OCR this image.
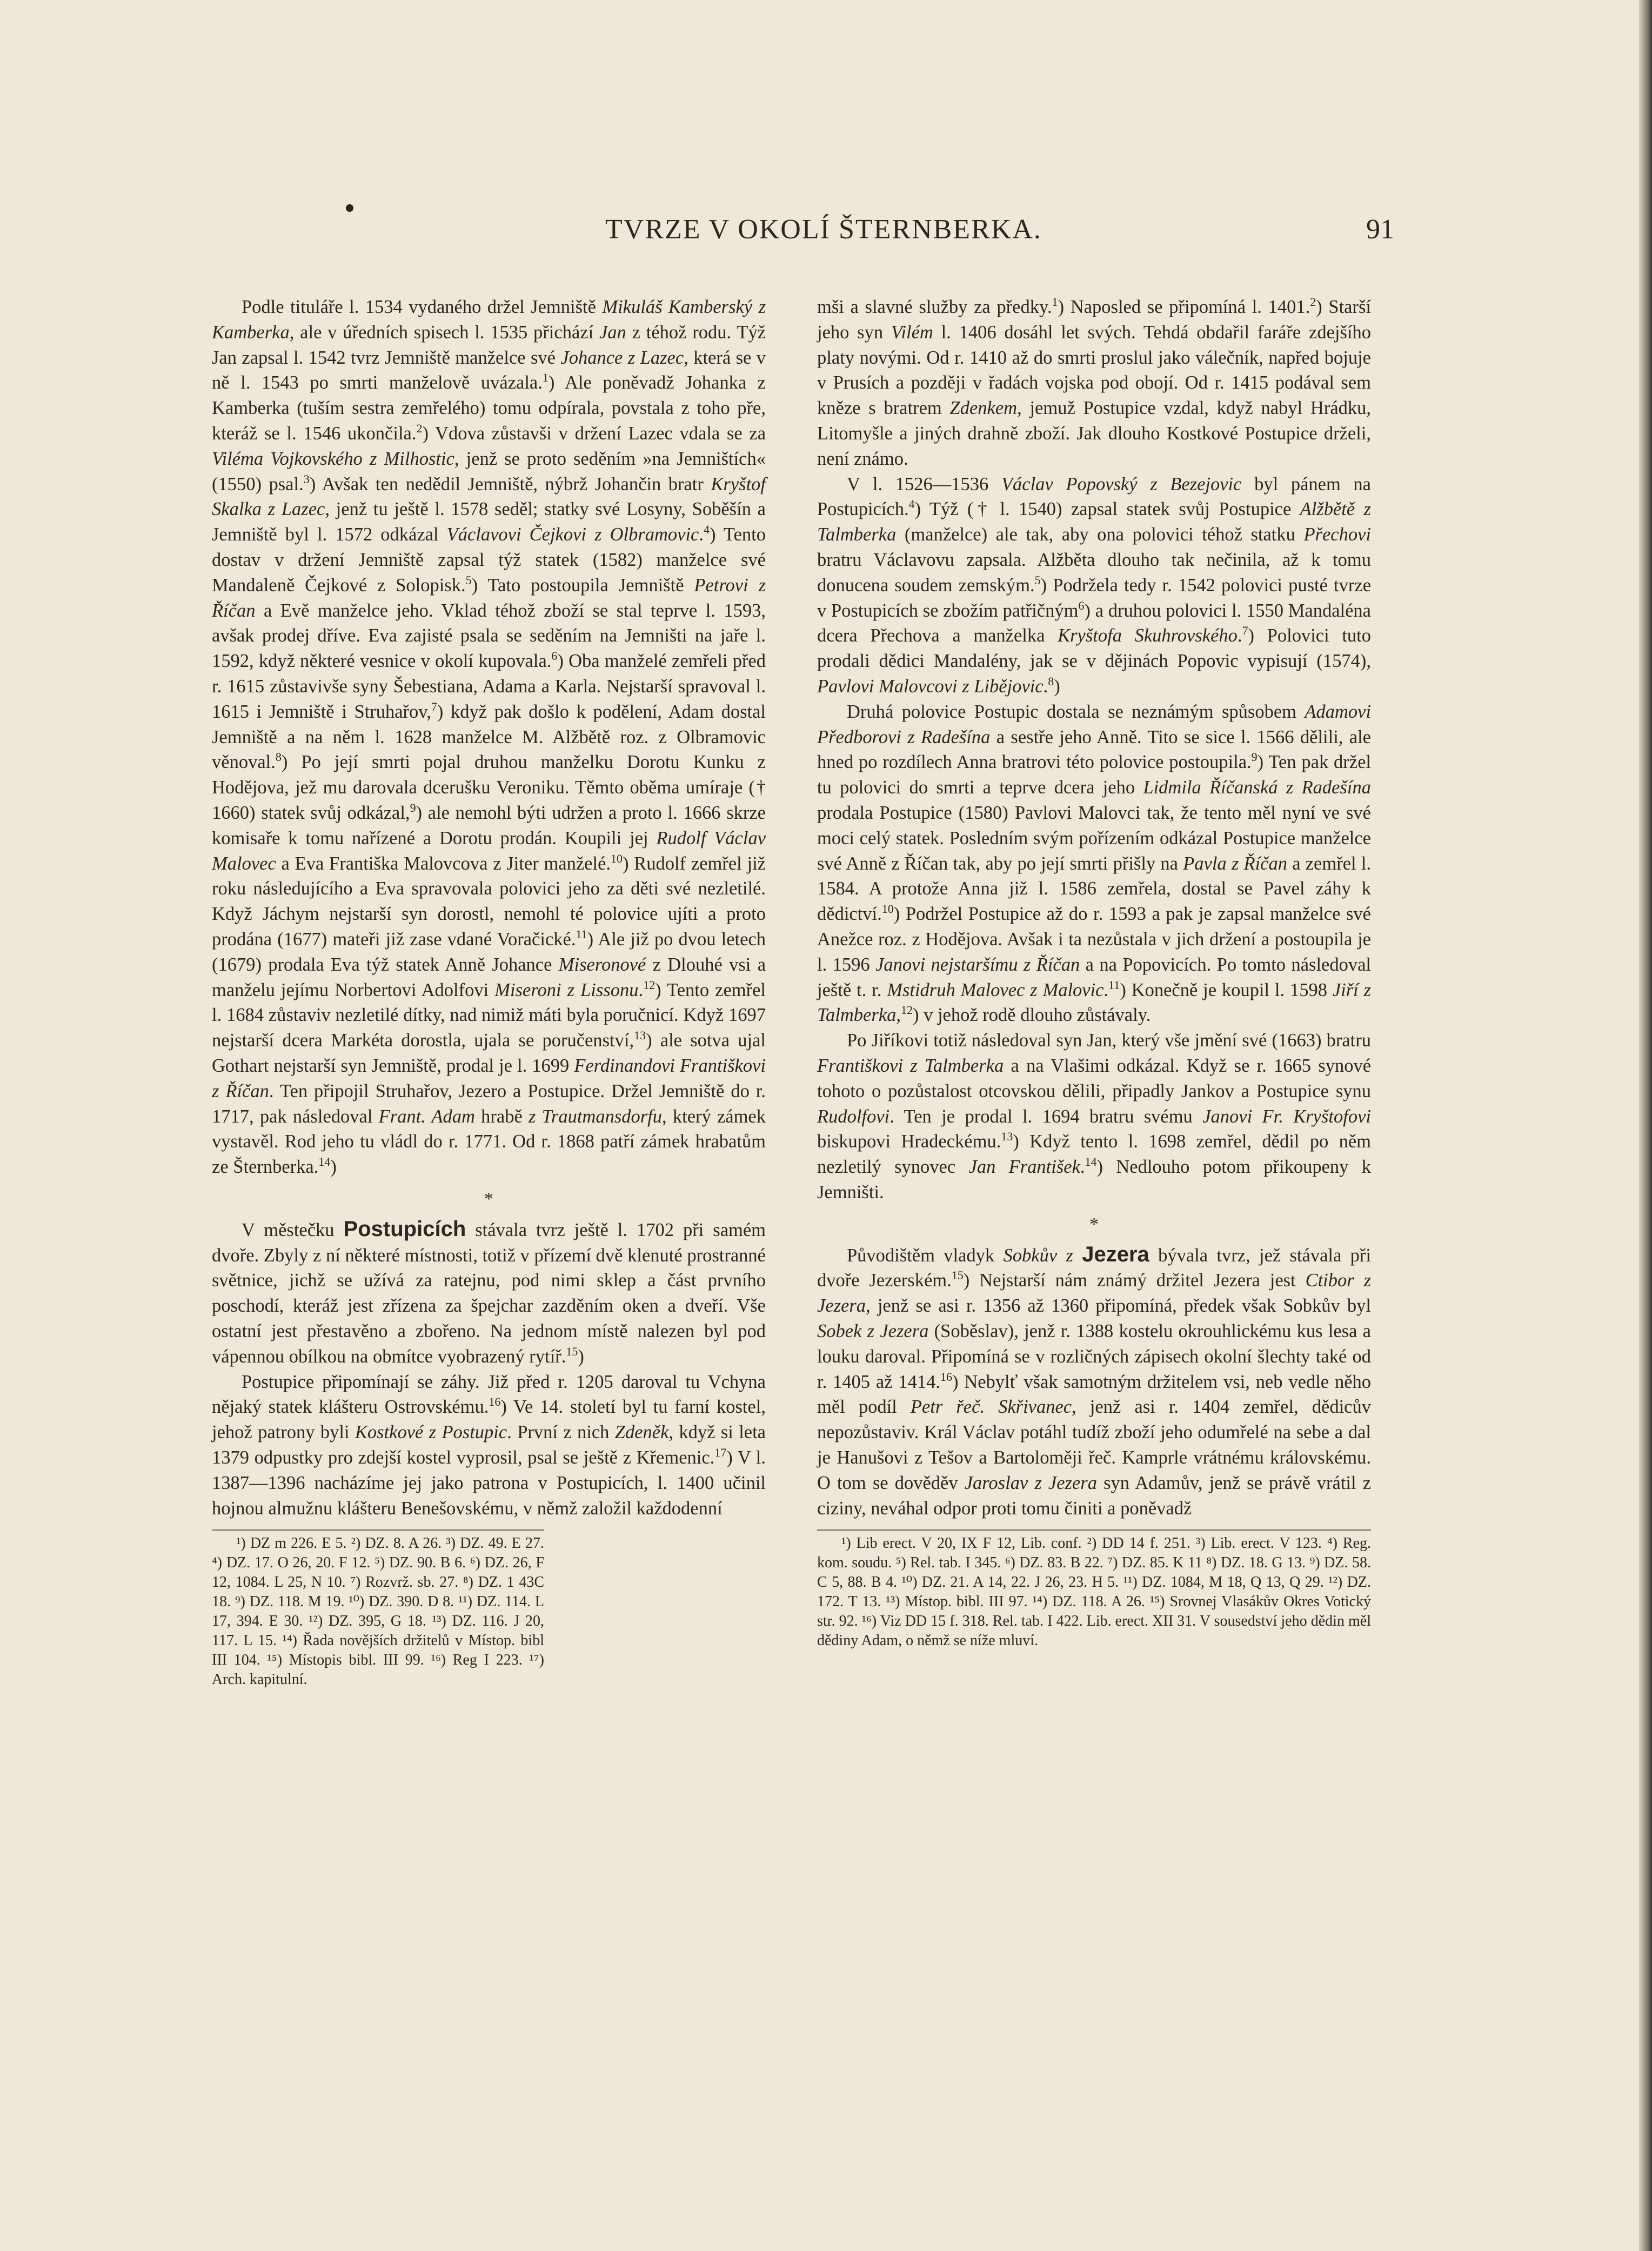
TVRZE V OKOLÍ ŠTERNBERKA.	91

Podle tituláře l. 1534 vydaného držel Jemniště Mikuláš Kamberský z Kamberka, ale v úředních spisech l. 1535 přichází Jan z téhož rodu. Týž Jan zapsal l. 1542 tvrz Jemniště manželce své Johance z Lazec, která se v ně l. 1543 po smrti manželově uvázala.$^1$) Ale poněvadž Johanka z Kamberka (tuším sestra zemřelého) tomu odpírala, povstala z toho pře, kteráž se l. 1546 ukončila.$^2$) Vdova zůstavši v držení Lazec vdala se za Viléma Vojkovského z Milhostic, jenž se proto seděním »na Jemništích« (1550) psal.$^3$) Avšak ten nedědil Jemniště, nýbrž Johančin bratr Kryštof Skalka z Lazec, jenž tu ještě l. 1578 seděl; statky své Losyny, Soběšín a Jemniště byl l. 1572 odkázal Václavovi Čejkovi z Olbramovic.$^4$) Tento dostav v držení Jemniště zapsal týž statek (1582) manželce své Mandaleně Čejkové z Solopisk.$^5$) Tato postoupila Jemniště Petrovi z Říčan a Evě manželce jeho. Vklad téhož zboží se stal teprve l. 1593, avšak prodej dříve. Eva zajisté psala se seděním na Jemništi na jaře l. 1592, když některé vesnice v okolí kupovala.$^6$) Oba manželé zemřeli před r. 1615 zůstavivše syny Šebestiana, Adama a Karla. Nejstarší spravoval l. 1615 i Jemniště i Struhařov,$^7$) když pak došlo k podělení, Adam dostal Jemniště a na něm l. 1628 manželce M. Alžbětě roz. z Olbramovic věnoval.$^8$) Po její smrti pojal druhou manželku Dorotu Kunku z Hodějova, jež mu darovala dcerušku Veroniku. Těmto oběma umíraje († 1660) statek svůj odkázal,$^9$) ale nemohl býti udržen a proto l. 1666 skrze komisaře k tomu nařízené a Dorotu prodán. Koupili jej Rudolf Václav Malovec a Eva Františka Malovcova z Jiter manželé.$^{10}$) Rudolf zemřel již roku následujícího a Eva spravovala polovici jeho za děti své nezletilé. Když Jáchym nejstarší syn dorostl, nemohl té polovice ujíti a proto prodána (1677) mateři již zase vdané Voračické.$^{11}$) Ale již po dvou letech (1679) prodala Eva týž statek Anně Johance Miseronové z Dlouhé vsi a manželu jejímu Norbertovi Adolfovi Miseroni z Lissonu.$^{12}$) Tento zemřel l. 1684 zůstaviv nezletilé dítky, nad nimiž máti byla poručnicí. Když 1697 nejstarší dcera Markéta dorostla, ujala se poručenství,$^{13}$) ale sotva ujal Gothart nejstarší syn Jemniště, prodal je l. 1699 Ferdinandovi Františkovi z Říčan. Ten připojil Struhařov, Jezero a Postupice. Držel Jemniště do r. 1717, pak následoval Frant. Adam hrabě z Trautmansdorfu, který zámek vystavěl. Rod jeho tu vládl do r. 1771. Od r. 1868 patří zámek hrabatům ze Šternberka.$^{14}$)

*

V městečku Postupicích stávala tvrz ještě l. 1702 při samém dvoře. Zbyly z ní některé místnosti, totiž v přízemí dvě klenuté prostranné světnice, jichž se užívá za ratejnu, pod nimi sklep a část prvního poschodí, kteráž jest zřízena za špejchar zazděním oken a dveří. Vše ostatní jest přestavěno a zbořeno. Na jednom místě nalezen byl pod vápennou obílkou na obmítce vyobrazený rytíř.$^{15}$)

Postupice připomínají se záhy. Již před r. 1205 daroval tu Vchyna nějaký statek klášteru Ostrovskému.$^{16}$) Ve 14. století byl tu farní kostel, jehož patrony byli Kostkové z Postupic. První z nich Zdeněk, když si leta 1379 odpustky pro zdejší kostel vyprosil, psal se ještě z Křemenic.$^{17}$) V l. 1387—1396 nacházíme jej jako patrona v Postupicích, l. 1400 učinil hojnou almužnu klášteru Benešovskému, v němž založil každodenní

¹) DZ m 226. E 5. ²) DZ. 8. A 26. ³) DZ. 49. E 27. ⁴) DZ. 17. O 26, 20. F 12. ⁵) DZ. 90. B 6. ⁶) DZ. 26, F 12, 1084. L 25, N 10. ⁷) Rozvrž. sb. 27. ⁸) DZ. 1 43C 18. ⁹) DZ. 118. M 19. ¹⁰) DZ. 390. D 8. ¹¹) DZ. 114. L 17, 394. E 30. ¹²) DZ. 395, G 18. ¹³) DZ. 116. J 20, 117. L 15. ¹⁴) Řada novějších držitelů v Místop. bibl III 104. ¹⁵) Místopis bibl. III 99. ¹⁶) Reg I 223. ¹⁷) Arch. kapitulní.

mši a slavné služby za předky.$^1$) Naposled se připomíná l. 1401.$^2$) Starší jeho syn Vilém l. 1406 dosáhl let svých. Tehdá obdařil faráře zdejšího platy novými. Od r. 1410 až do smrti proslul jako válečník, napřed bojuje v Prusích a později v řadách vojska pod obojí. Od r. 1415 podával sem kněze s bratrem Zdenkem, jemuž Postupice vzdal, když nabyl Hrádku, Litomyšle a jiných drahně zboží. Jak dlouho Kostkové Postupice drželi, není známo.

V l. 1526—1536 Václav Popovský z Bezejovic byl pánem na Postupicích.$^4$) Týž († l. 1540) zapsal statek svůj Postupice Alžbětě z Talmberka (manželce) ale tak, aby ona polovici téhož statku Přechovi bratru Václavovu zapsala. Alžběta dlouho tak nečinila, až k tomu donucena soudem zemským.$^5$) Podržela tedy r. 1542 polovici pusté tvrze v Postupicích se zbožím patřičným$^6$) a druhou polovici l. 1550 Mandaléna dcera Přechova a manželka Kryštofa Skuhrovského.$^7$) Polovici tuto prodali dědici Mandalény, jak se v dějinách Popovic vypisují (1574), Pavlovi Malovcovi z Liběјovic.$^8$)

Druhá polovice Postupic dostala se neznámým spůsobem Adamovi Předborovi z Radešína a sestře jeho Anně. Tito se sice l. 1566 dělili, ale hned po rozdílech Anna bratrovi této polovice postoupila.$^9$) Ten pak držel tu polovici do smrti a teprve dcera jeho Lidmila Říčanská z Radešína prodala Postupice (1580) Pavlovi Malovci tak, že tento měl nyní ve své moci celý statek. Posledním svým pořízením odkázal Postupice manželce své Anně z Říčan tak, aby po její smrti přišly na Pavla z Říčan a zemřel l. 1584. A protože Anna již l. 1586 zemřela, dostal se Pavel záhy k dědictví.$^{10}$) Podržel Postupice až do r. 1593 a pak je zapsal manželce své Anežce roz. z Hodějova. Avšak i ta nezůstala v jich držení a postoupila je l. 1596 Janovi nejstaršímu z Říčan a na Popovicích. Po tomto následoval ještě t. r. Mstidruh Malovec z Malovic.$^{11}$) Konečně je koupil l. 1598 Jiří z Talmberka,$^{12}$) v jehož rodě dlouho zůstávaly.

Po Jiříkovi totiž následoval syn Jan, který vše jmění své (1663) bratru Františkovi z Talmberka a na Vlašimi odkázal. Když se r. 1665 synové tohoto o pozůstalost otcovskou dělili, připadly Jankov a Postupice synu Rudolfovi. Ten je prodal l. 1694 bratru svému Janovi Fr. Kryštofovi biskupovi Hradeckému.$^{13}$) Když tento l. 1698 zemřel, dědil po něm nezletilý synovec Jan František.$^{14}$) Nedlouho potom přikoupeny k Jemništi.

*

Původištěm vladyk Sobkův z Jezera bývala tvrz, jež stávala při dvoře Jezerském.$^{15}$) Nejstarší nám známý držitel Jezera jest Ctibor z Jezera, jenž se asi r. 1356 až 1360 připomíná, předek však Sobkův byl Sobek z Jezera (Soběslav), jenž r. 1388 kostelu okrouhlickému kus lesa a louku daroval. Připomíná se v rozličných zápisech okolní šlechty také od r. 1405 až 1414.16) Nebylť však samotným držitelem vsi, neb vedle něho měl podíl Petr řeč. Skřivanec, jenž asi r. 1404 zemřel, dědicův nepozůstaviv. Král Václav potáhl tudíž zboží jeho odumřelé na sebe a dal je Hanušovi z Tešov a Bartoloměji řeč. Kamprle vrátnému královskému. O tom se dověděv Jaroslav z Jezera syn Adamův, jenž se právě vrátil z ciziny, neváhal odpor proti tomu činiti a poněvadž

¹) Lib erect. V 20, IX F 12, Lib. conf. ²) DD 14 f. 251. ³) Lib. erect. V 123. ⁴) Reg. kom. soudu. ⁵) Rel. tab. I 345. ⁶) DZ. 83. B 22. ⁷) DZ. 85. K 11 ⁸) DZ. 18. G 13. ⁹) DZ. 58. C 5, 88. B 4. ¹⁰) DZ. 21. A 14, 22. J 26, 23. H 5. ¹¹) DZ. 1084, M 18, Q 13, Q 29. ¹²) DZ. 172. T 13. ¹³) Místop. bibl. III 97. ¹⁴) DZ. 118. A 26. ¹⁵) Srovnej Vlasákův Okres Votický str. 92. ¹⁶) Viz DD 15 f. 318. Rel. tab. I 422. Lib. erect. XII 31. V sousedství jeho dědin měl dědiny Adam, o němž se níže mluví.
